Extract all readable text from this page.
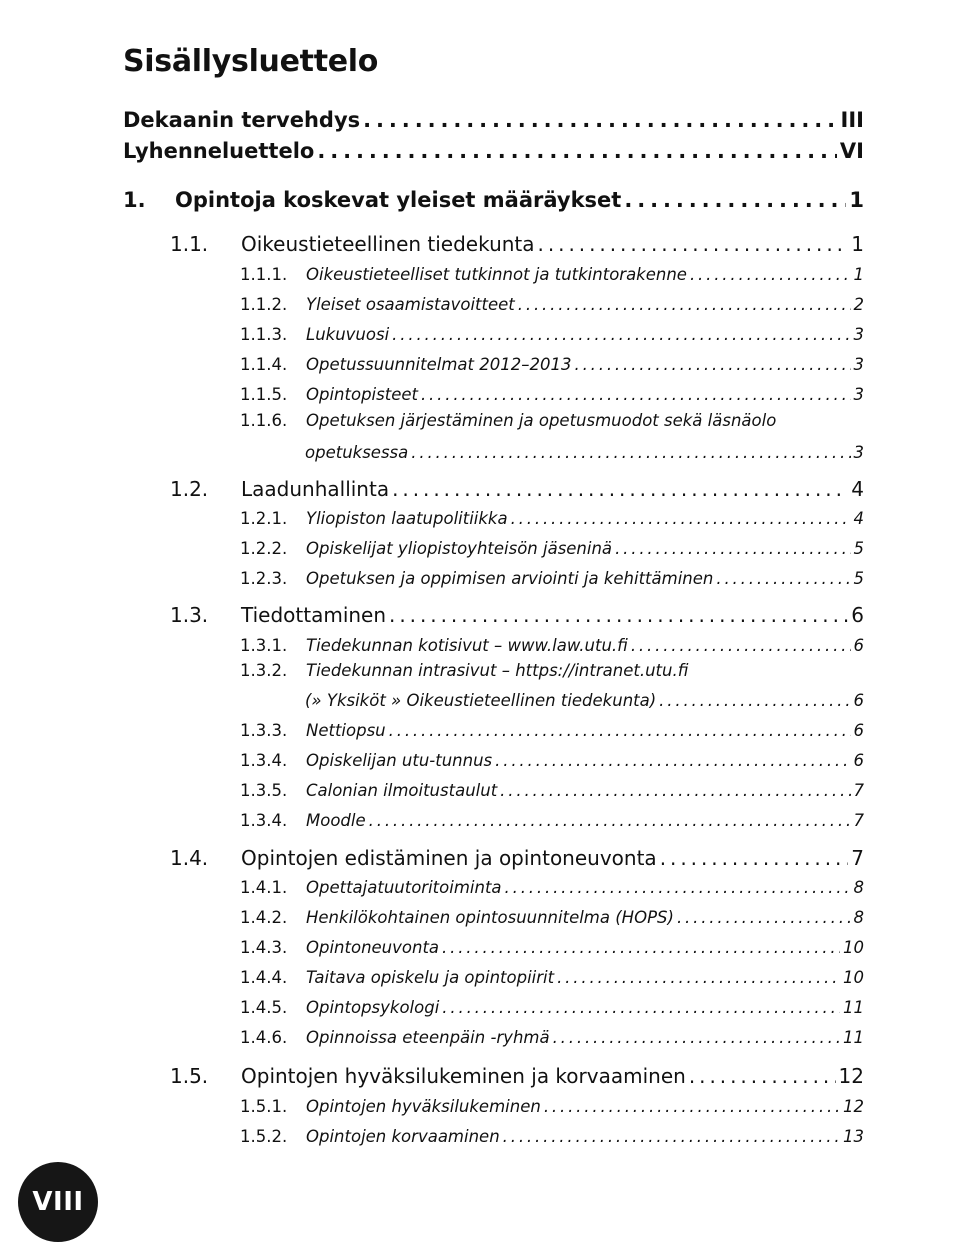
Sisällysluettelo
Dekaanin tervehdys . . .	III
Lyhenneluettelo . . .	VI
1.	Opintoja koskevat yleiset määräykset . . .	1
1.1.	Oikeustieteellinen tiedekunta . . .	1
1.1.1.	Oikeustieteelliset tutkinnot ja tutkintorakenne . . .	1
1.1.2.	Yleiset osaamistavoitteet . . .	2
1.1.3.	Lukuvuosi . . .	3
1.1.4.	Opetussuunnitelmat 2012–2013 . . .	3
1.1.5.	Opintopisteet . . .	3
1.1.6.	Opetuksen järjestäminen ja opetusmuodot sekä läsnäolo
opetuksessa . . .	3
1.2.	Laadunhallinta . . .	4
1.2.1.	Yliopiston laatupolitiikka . . .	4
1.2.2.	Opiskelijat yliopistoyhteisön jäseninä . . .	5
1.2.3.	Opetuksen ja oppimisen arviointi ja kehittäminen . . .	5
1.3.	Tiedottaminen . . .	6
1.3.1.	Tiedekunnan kotisivut – www.law.utu.fi . . .	6
1.3.2.	Tiedekunnan intrasivut – https://intranet.utu.fi
(» Yksiköt » Oikeustieteellinen tiedekunta) . . .	6
1.3.3.	Nettiopsu . . .	6
1.3.4.	Opiskelijan utu-tunnus . . .	6
1.3.5.	Calonian ilmoitustaulut . . .	7
1.3.4.	Moodle . . .	7
1.4.	Opintojen edistäminen ja opintoneuvonta . . .	7
1.4.1.	Opettajatuutoritoiminta . . .	8
1.4.2.	Henkilökohtainen opintosuunnitelma (HOPS) . . .	8
1.4.3.	Opintoneuvonta . . .	10
1.4.4.	Taitava opiskelu ja opintopiirit . . .	10
1.4.5.	Opintopsykologi . . .	11
1.4.6.	Opinnoissa eteenpäin -ryhmä . . .	11
1.5.	Opintojen hyväksilukeminen ja korvaaminen . . .	12
1.5.1.	Opintojen hyväksilukeminen . . .	12
1.5.2.	Opintojen korvaaminen . . .	13
VIII
